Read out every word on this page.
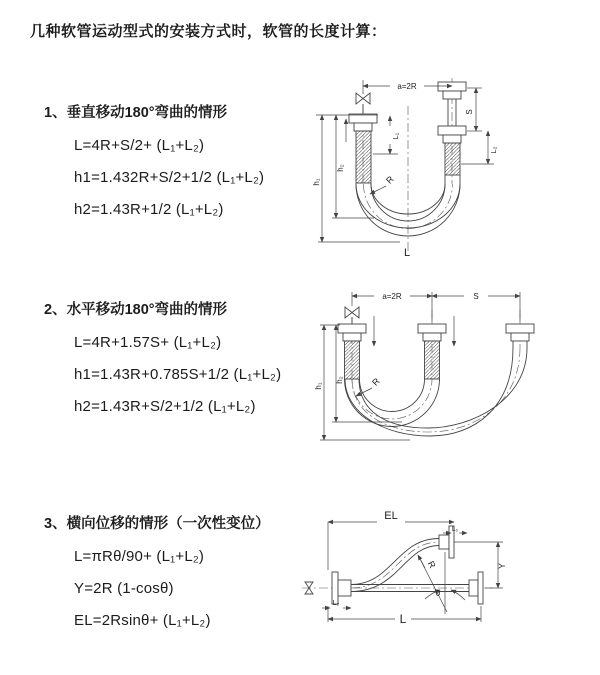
几种软管运动型式的安装方式时，软管的长度计算：
1、垂直移动180°弯曲的情形
L=4R+S/2+ (L₁+L₂)
h1=1.432R+S/2+1/2 (L₁+L₂)
h2=1.43R+1/2 (L₁+L₂)
2、水平移动180°弯曲的情形
L=4R+1.57S+ (L₁+L₂)
h1=1.43R+0.785S+1/2 (L₁+L₂)
h2=1.43R+S/2+1/2 (L₁+L₂)
3、横向位移的情形（一次性变位）
L=πRθ/90+ (L₁+L₂)
Y=2R (1-cosθ)
EL=2Rsinθ+ (L₁+L₂)
a=2R
h₁
h₂
L₁
S
L₂
R
L
a=2R	S
h₁
h₂	R
θ
R
EL
L₁
Y
L₂
L
